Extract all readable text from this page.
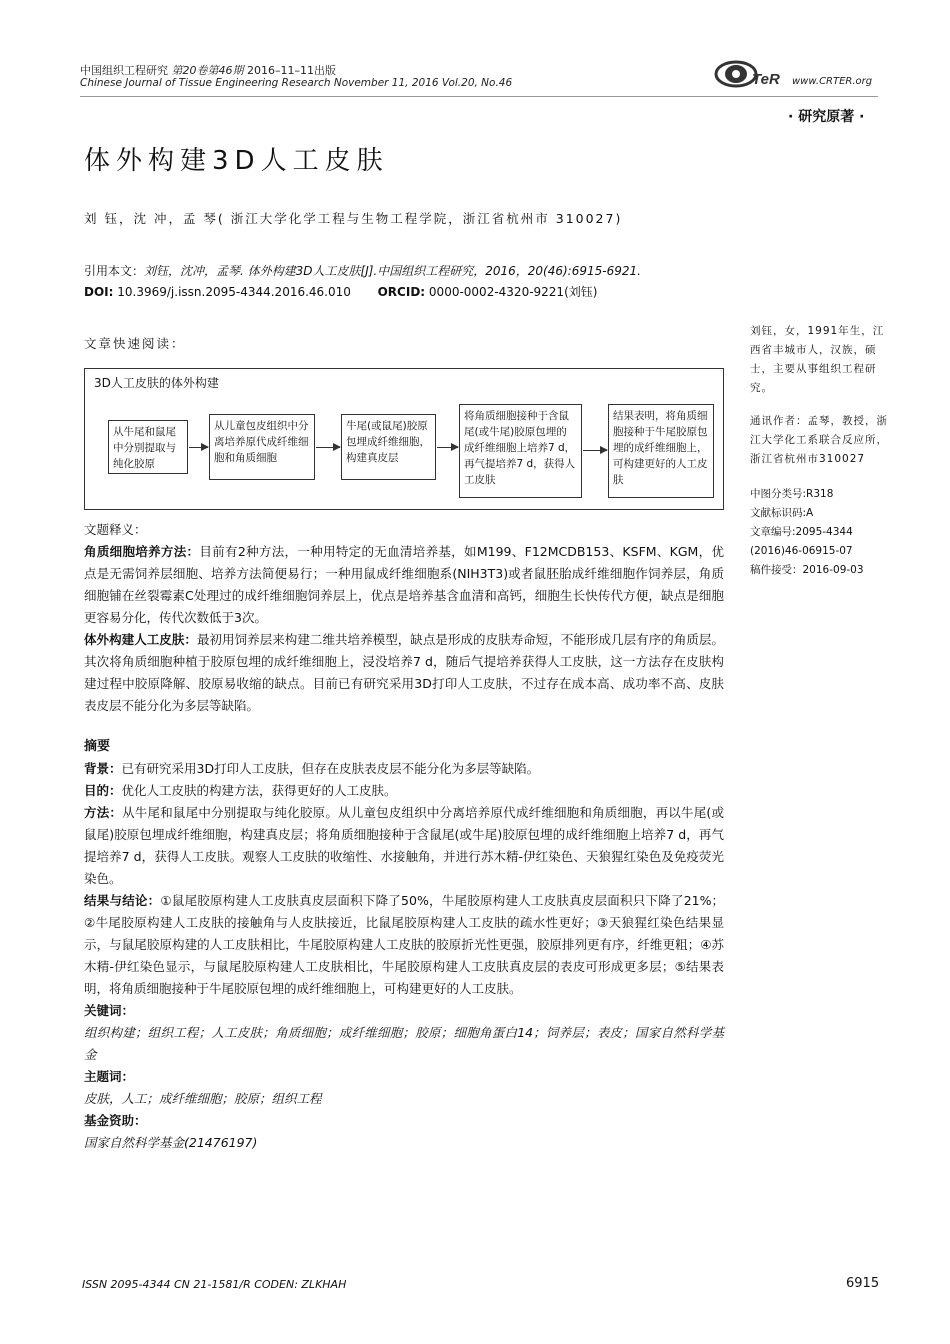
中国组织工程研究 第20卷第46期 2016–11–11出版
Chinese Journal of Tissue Engineering Research November 11, 2016 Vol.20, No.46	TeR www.CRTER.org
· 研究原著 ·
体外构建3D人工皮肤
刘 钰，沈 冲，孟 琴( 浙江大学化学工程与生物工程学院，浙江省杭州市 310027)
引用本文：刘钰，沈冲，孟琴. 体外构建3D人工皮肤[J].中国组织工程研究，2016，20(46):6915-6921.
DOI: 10.3969/j.issn.2095-4344.2016.46.010 ORCID: 0000-0002-4320-9221(刘钰)
文章快速阅读：

刘钰，女，1991年生，江西省丰城市人，汉族，硕士，主要从事组织工程研究。

通讯作者：孟琴，教授，浙江大学化工系联合反应所，浙江省杭州市310027

中图分类号:R318
文献标识码:A
文章编号:2095-4344
(2016)46-06915-07
稿件接受：2016-09-03
3D人工皮肤的体外构建
从牛尾和鼠尾中分别提取与纯化胶原
从儿童包皮组织中分离培养原代成纤维细胞和角质细胞
牛尾(或鼠尾)胶原包埋成纤维细胞，构建真皮层
将角质细胞接种于含鼠尾(或牛尾)胶原包埋的成纤维细胞上培养7 d，再气提培养7 d，获得人工皮肤
结果表明，将角质细胞接种于牛尾胶原包埋的成纤维细胞上，可构建更好的人工皮肤

文题释义：

角质细胞培养方法：目前有2种方法，一种用特定的无血清培养基，如M199、F12MCDB153、KSFM、KGM，优点是无需饲养层细胞、培养方法简便易行；一种用鼠成纤维细胞系(NIH3T3)或者鼠胚胎成纤维细胞作饲养层，角质细胞铺在丝裂霉素C处理过的成纤维细胞饲养层上，优点是培养基含血清和高钙，细胞生长快传代方便，缺点是细胞更容易分化，传代次数低于3次。

体外构建人工皮肤：最初用饲养层来构建二维共培养模型，缺点是形成的皮肤寿命短，不能形成几层有序的角质层。其次将角质细胞种植于胶原包埋的成纤维细胞上，浸没培养7 d，随后气提培养获得人工皮肤，这一方法存在皮肤构建过程中胶原降解、胶原易收缩的缺点。目前已有研究采用3D打印人工皮肤，不过存在成本高、成功率不高、皮肤表皮层不能分化为多层等缺陷。

摘要

背景：已有研究采用3D打印人工皮肤，但存在皮肤表皮层不能分化为多层等缺陷。

目的：优化人工皮肤的构建方法，获得更好的人工皮肤。

方法：从牛尾和鼠尾中分别提取与纯化胶原。从儿童包皮组织中分离培养原代成纤维细胞和角质细胞，再以牛尾(或鼠尾)胶原包埋成纤维细胞，构建真皮层；将角质细胞接种于含鼠尾(或牛尾)胶原包埋的成纤维细胞上培养7 d，再气提培养7 d，获得人工皮肤。观察人工皮肤的收缩性、水接触角，并进行苏木精-伊红染色、天狼猩红染色及免疫荧光染色。

结果与结论：①鼠尾胶原构建人工皮肤真皮层面积下降了50%，牛尾胶原构建人工皮肤真皮层面积只下降了21%；②牛尾胶原构建人工皮肤的接触角与人皮肤接近，比鼠尾胶原构建人工皮肤的疏水性更好；③天狼猩红染色结果显示，与鼠尾胶原构建的人工皮肤相比，牛尾胶原构建人工皮肤的胶原折光性更强，胶原排列更有序，纤维更粗；④苏木精-伊红染色显示，与鼠尾胶原构建人工皮肤相比，牛尾胶原构建人工皮肤真皮层的表皮可形成更多层；⑤结果表明，将角质细胞接种于牛尾胶原包埋的成纤维细胞上，可构建更好的人工皮肤。

关键词：

组织构建；组织工程；人工皮肤；角质细胞；成纤维细胞；胶原；细胞角蛋白14；饲养层；表皮；国家自然科学基金

主题词：

皮肤，人工；成纤维细胞；胶原；组织工程

基金资助：

国家自然科学基金(21476197)

ISSN 2095-4344 CN 21-1581/R CODEN: ZLKHAH	6915
